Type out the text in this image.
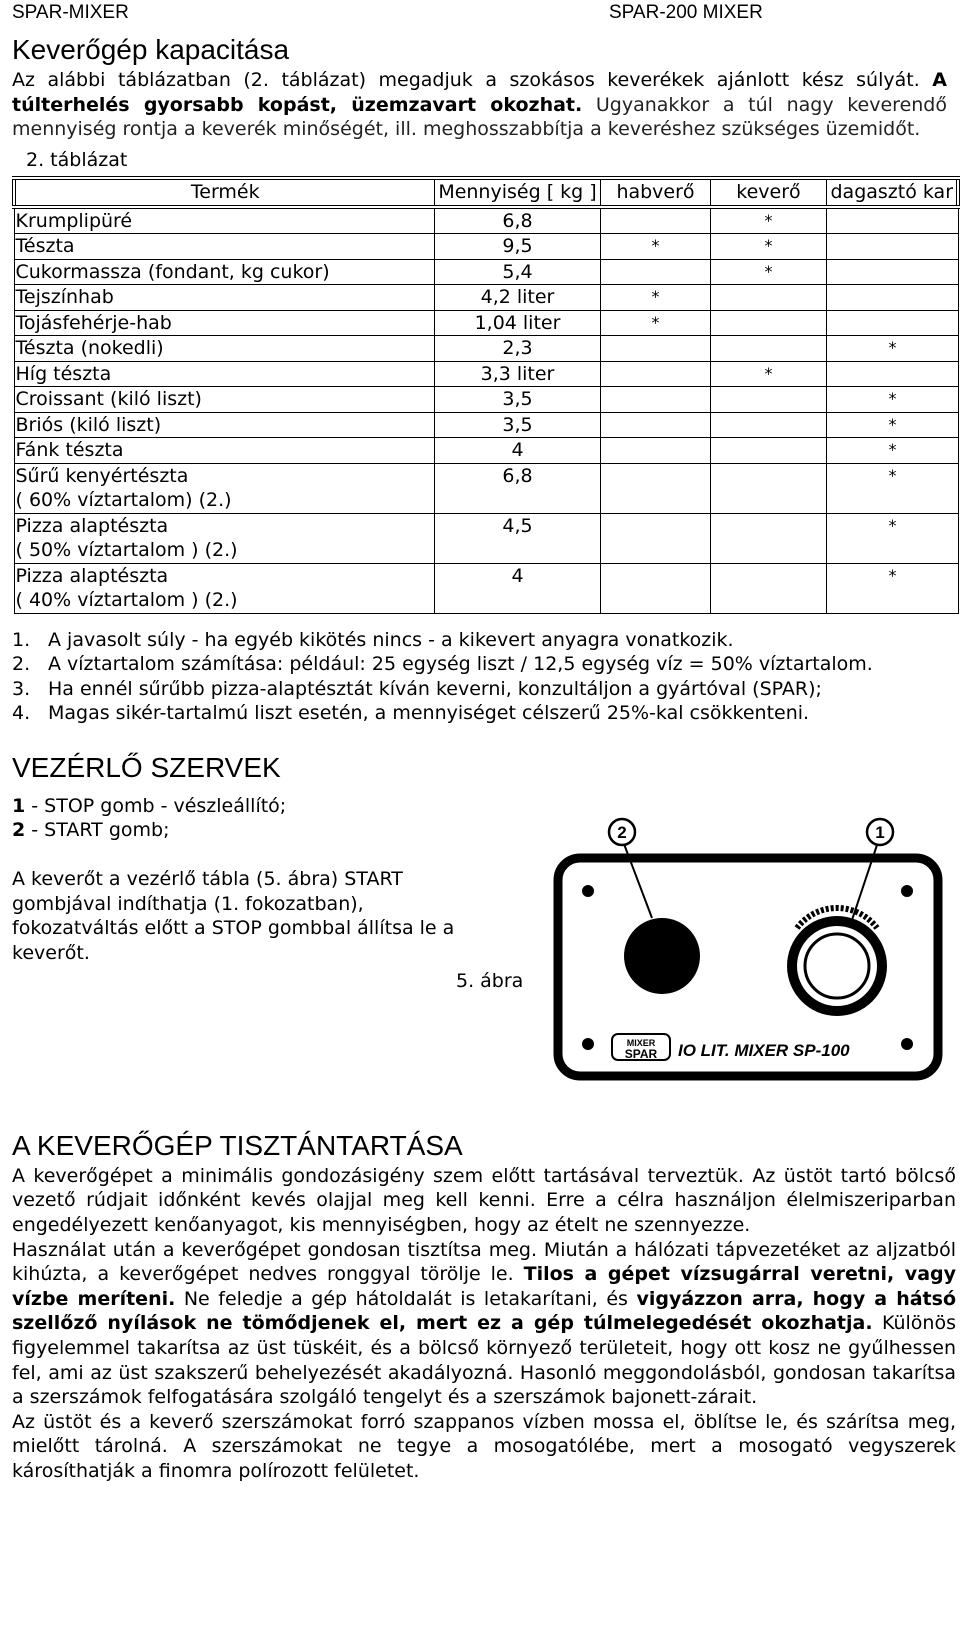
SPAR-MIXER	SPAR-200 MIXER
Keverőgép kapacitása

Az alábbi táblázatban (2. táblázat) megadjuk a szokásos keverékek ajánlott kész súlyát. A túlterhelés gyorsabb kopást, üzemzavart okozhat. Ugyanakkor a túl nagy keverendő mennyiség rontja a keverék minőségét, ill. meghosszabbítja a keveréshez szükséges üzemidőt.

2. táblázat

Termék	Mennyiség [ kg ]	habverő	keverő	dagasztó kar
Krumplipüré	6,8		*	
Tészta	9,5	*	*	
Cukormassza (fondant, kg cukor)	5,4		*	
Tejszínhab	4,2 liter	*		
Tojásfehérje-hab	1,04 liter	*		
Tészta (nokedli)	2,3			*
Híg tészta	3,3 liter		*	
Croissant (kiló liszt)	3,5			*
Briós (kiló liszt)	3,5			*
Fánk tészta	4			*
Sűrű kenyértészta
( 60% víztartalom) (2.)	6,8			*
Pizza alaptészta
( 50% víztartalom ) (2.)	4,5			*
Pizza alaptészta
( 40% víztartalom ) (2.)	4			*
1. A javasolt súly - ha egyéb kikötés nincs - a kikevert anyagra vonatkozik.
2. A víztartalom számítása: például: 25 egység liszt / 12,5 egység víz = 50% víztartalom.
3. Ha ennél sűrűbb pizza-alaptésztát kíván keverni, konzultáljon a gyártóval (SPAR);
4. Magas sikér-tartalmú liszt esetén, a mennyiséget célszerű 25%-kal csökkenteni.
VEZÉRLŐ SZERVEK

1 - STOP gomb - vészleállító;

2 - START gomb;

A keverőt a vezérlő tábla (5. ábra) START gombjával indíthatja (1. fokozatban), fokozatváltás előtt a STOP gombbal állítsa le a keverőt.

5. ábra

2	1
MIXER
SPAR IO LIT. MIXER SP-100
A KEVERŐGÉP TISZTÁNTARTÁSA

A keverőgépet a minimális gondozásigény szem előtt tartásával terveztük. Az üstöt tartó bölcső vezető rúdjait időnként kevés olajjal meg kell kenni. Erre a célra használjon élelmiszeriparban engedélyezett kenőanyagot, kis mennyiségben, hogy az ételt ne szennyezze.

Használat után a keverőgépet gondosan tisztítsa meg. Miután a hálózati tápvezetéket az aljzatból kihúzta, a keverőgépet nedves ronggyal törölje le. Tilos a gépet vízsugárral veretni, vagy vízbe meríteni. Ne feledje a gép hátoldalát is letakarítani, és vigyázzon arra, hogy a hátsó szellőző nyílások ne tömődjenek el, mert ez a gép túlmelegedését okozhatja. Különös figyelemmel takarítsa az üst tüskéit, és a bölcső környező területeit, hogy ott kosz ne gyűlhessen fel, ami az üst szakszerű behelyezését akadályozná. Hasonló meggondolásból, gondosan takarítsa a szerszámok felfogatására szolgáló tengelyt és a szerszámok bajonett-zárait.

Az üstöt és a keverő szerszámokat forró szappanos vízben mossa el, öblítse le, és szárítsa meg, mielőtt tárolná. A szerszámokat ne tegye a mosogatólébe, mert a mosogató vegyszerek károsíthatják a finomra polírozott felületet.
